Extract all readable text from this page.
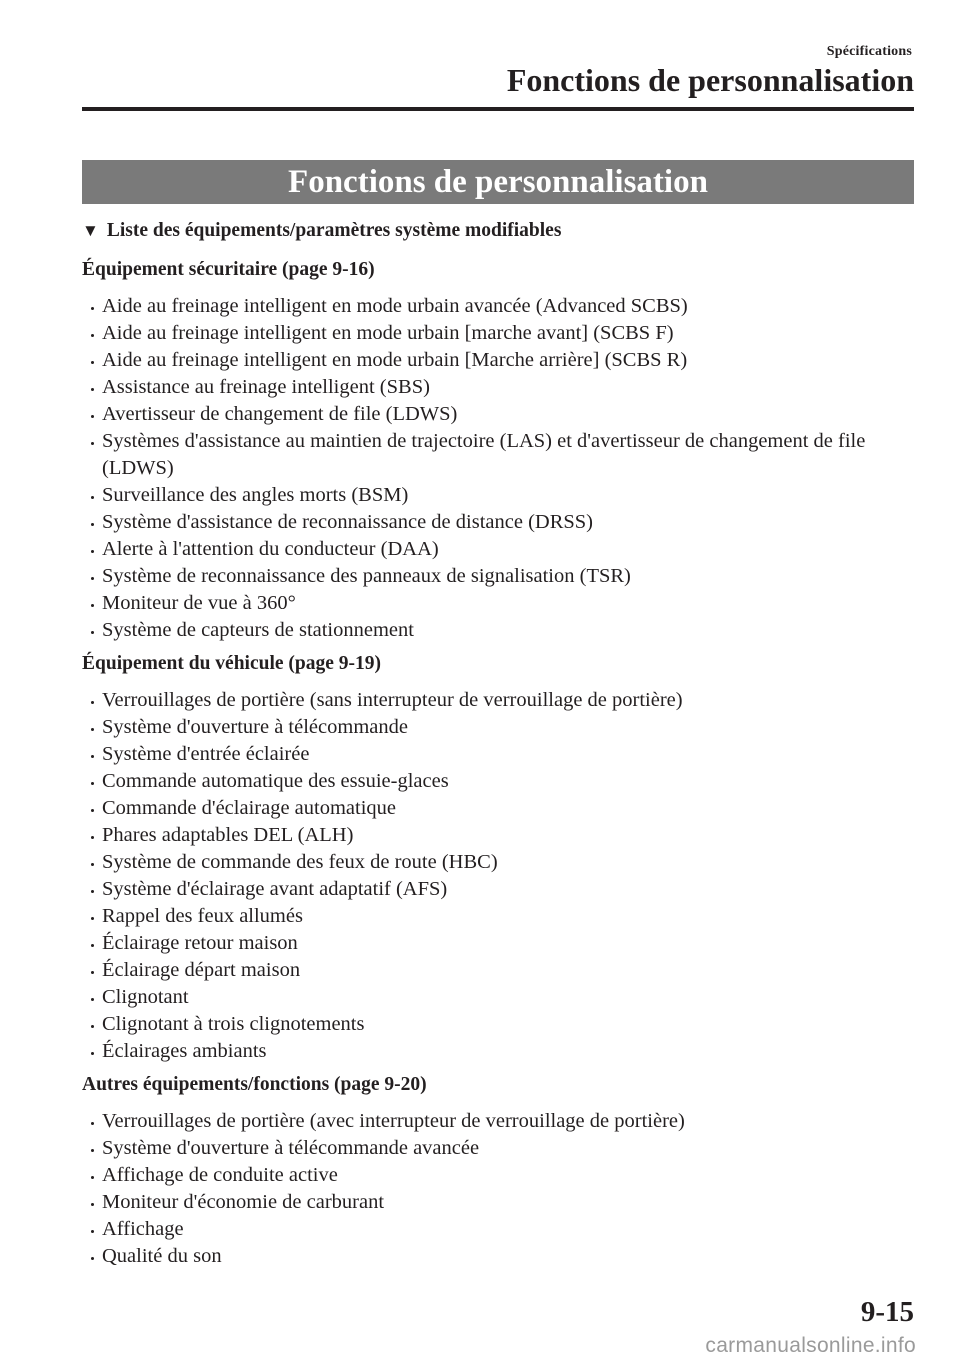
Spécifications
Fonctions de personnalisation
Fonctions de personnalisation
▼ Liste des équipements/paramètres système modifiables
Équipement sécuritaire (page 9-16)
Aide au freinage intelligent en mode urbain avancée (Advanced SCBS)
Aide au freinage intelligent en mode urbain [marche avant] (SCBS F)
Aide au freinage intelligent en mode urbain [Marche arrière] (SCBS R)
Assistance au freinage intelligent (SBS)
Avertisseur de changement de file (LDWS)
Systèmes d'assistance au maintien de trajectoire (LAS) et d'avertisseur de changement de file (LDWS)
Surveillance des angles morts (BSM)
Système d'assistance de reconnaissance de distance (DRSS)
Alerte à l'attention du conducteur (DAA)
Système de reconnaissance des panneaux de signalisation (TSR)
Moniteur de vue à 360°
Système de capteurs de stationnement
Équipement du véhicule (page 9-19)
Verrouillages de portière (sans interrupteur de verrouillage de portière)
Système d'ouverture à télécommande
Système d'entrée éclairée
Commande automatique des essuie-glaces
Commande d'éclairage automatique
Phares adaptables DEL (ALH)
Système de commande des feux de route (HBC)
Système d'éclairage avant adaptatif (AFS)
Rappel des feux allumés
Éclairage retour maison
Éclairage départ maison
Clignotant
Clignotant à trois clignotements
Éclairages ambiants
Autres équipements/fonctions (page 9-20)
Verrouillages de portière (avec interrupteur de verrouillage de portière)
Système d'ouverture à télécommande avancée
Affichage de conduite active
Moniteur d'économie de carburant
Affichage
Qualité du son
9-15
carmanualsonline.info
